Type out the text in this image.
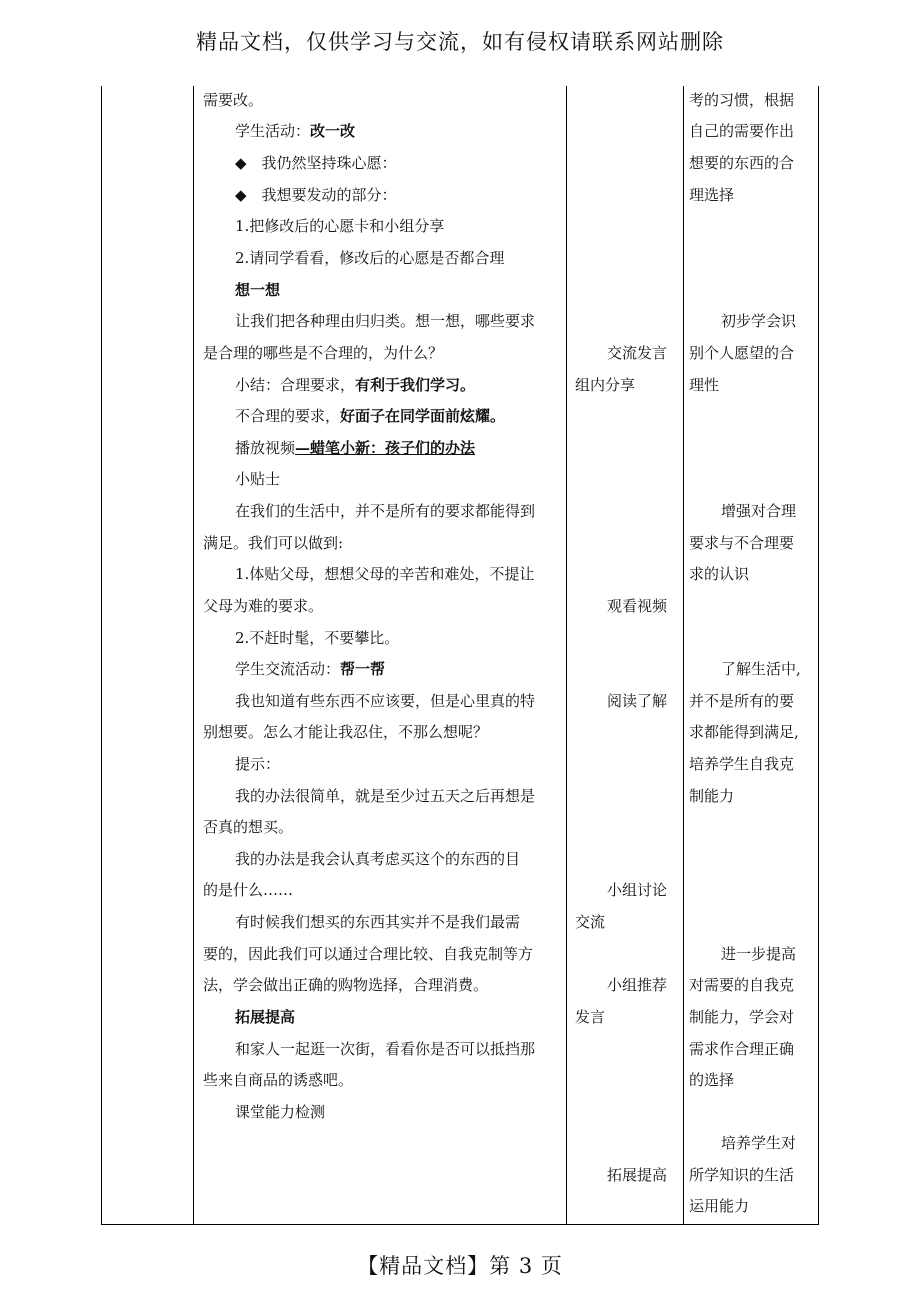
精品文档，仅供学习与交流，如有侵权请联系网站删除
需要改。
学生活动：改一改
◆　我仍然坚持珠心愿：
◆　我想要发动的部分：
1.把修改后的心愿卡和小组分享
2.请同学看看，修改后的心愿是否都合理
想一想
让我们把各种理由归归类。想一想，哪些要求
是合理的哪些是不合理的，为什么？
小结：合理要求，有利于我们学习。
不合理的要求，好面子在同学面前炫耀。
播放视频—蜡笔小新：孩子们的办法
小贴士
在我们的生活中，并不是所有的要求都能得到
满足。我们可以做到:
1.体贴父母，想想父母的辛苦和难处，不提让
父母为难的要求。
2.不赶时髦，不要攀比。
学生交流活动：帮一帮
我也知道有些东西不应该要，但是心里真的特
别想要。怎么才能让我忍住，不那么想呢？
提示：
我的办法很简单，就是至少过五天之后再想是
否真的想买。
我的办法是我会认真考虑买这个的东西的目
的是什么……
有时候我们想买的东西其实并不是我们最需
要的，因此我们可以通过合理比较、自我克制等方
法，学会做出正确的购物选择，合理消费。
拓展提高
和家人一起逛一次街，看看你是否可以抵挡那
些来自商品的诱惑吧。
课堂能力检测
交流发言
组内分享
观看视频
阅读了解
小组讨论
交流
小组推荐
发言
拓展提高
考的习惯，根据
自己的需要作出
想要的东西的合
理选择
初步学会识
别个人愿望的合
理性
增强对合理
要求与不合理要
求的认识
了解生活中,
并不是所有的要
求都能得到满足,
培养学生自我克
制能力
进一步提高
对需要的自我克
制能力，学会对
需求作合理正确
的选择
培养学生对
所学知识的生活
运用能力
【精品文档】第 3 页
